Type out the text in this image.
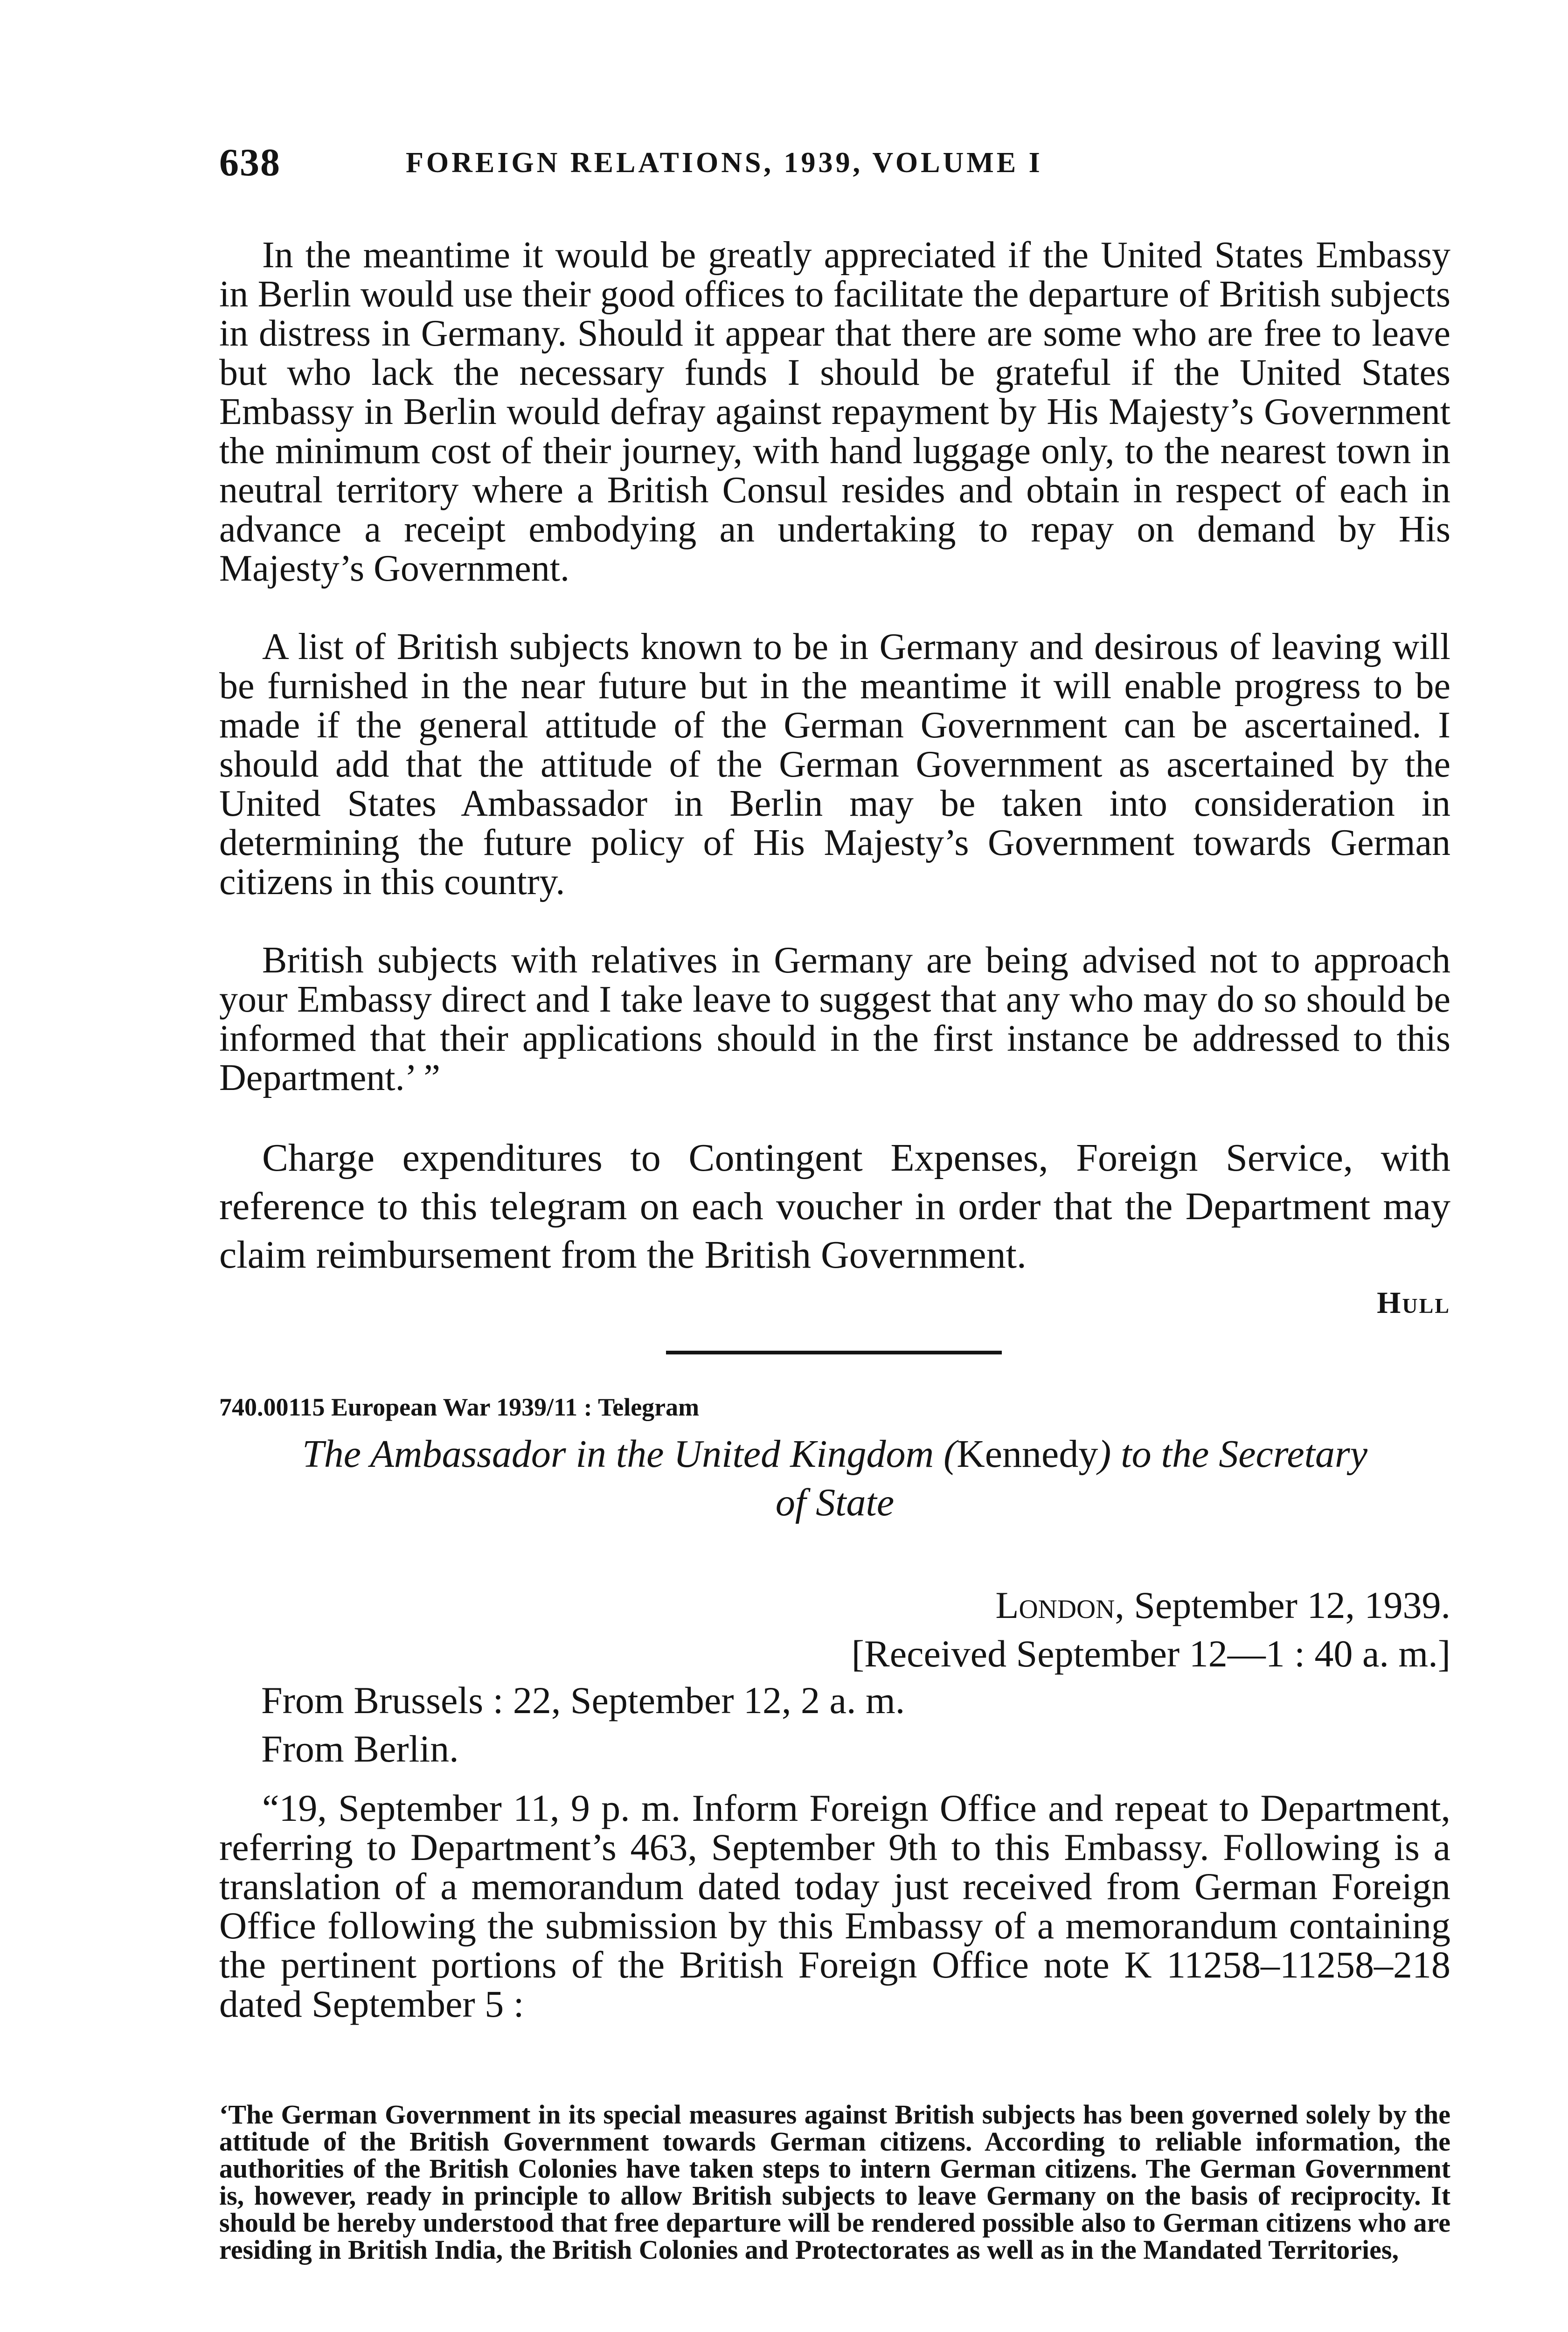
638	FOREIGN RELATIONS, 1939, VOLUME I

In the meantime it would be greatly appreciated if the United States Embassy in Berlin would use their good offices to facilitate the departure of British subjects in distress in Germany. Should it appear that there are some who are free to leave but who lack the necessary funds I should be grateful if the United States Embassy in Berlin would defray against repayment by His Majesty’s Government the minimum cost of their journey, with hand luggage only, to the nearest town in neutral territory where a British Consul resides and obtain in respect of each in advance a receipt embodying an undertaking to repay on demand by His Majesty’s Government.

A list of British subjects known to be in Germany and desirous of leaving will be furnished in the near future but in the meantime it will enable progress to be made if the general attitude of the German Government can be ascertained. I should add that the attitude of the German Government as ascertained by the United States Ambassador in Berlin may be taken into consideration in determining the future policy of His Majesty’s Government towards German citizens in this country.

British subjects with relatives in Germany are being advised not to approach your Embassy direct and I take leave to suggest that any who may do so should be informed that their applications should in the first instance be addressed to this Department.’ ”

Charge expenditures to Contingent Expenses, Foreign Service, with reference to this telegram on each voucher in order that the Department may claim reimbursement from the British Government.

Hull
740.00115 European War 1939/11 : Telegram
The Ambassador in the United Kingdom (Kennedy) to the Secretary
of State
London, September 12, 1939.
[Received September 12—1 : 40 a. m.]
From Brussels : 22, September 12, 2 a. m.
From Berlin.

“19, September 11, 9 p. m. Inform Foreign Office and repeat to Department, referring to Department’s 463, September 9th to this Embassy. Following is a translation of a memorandum dated today just received from German Foreign Office following the submission by this Embassy of a memorandum containing the pertinent portions of the British Foreign Office note K 11258–11258–218 dated September 5 :

‘The German Government in its special measures against British subjects has been governed solely by the attitude of the British Government towards German citizens. According to reliable information, the authorities of the British Colonies have taken steps to intern German citizens. The German Government is, however, ready in principle to allow British subjects to leave Germany on the basis of reciprocity. It should be hereby understood that free departure will be rendered possible also to German citizens who are residing in British India, the British Colonies and Protectorates as well as in the Mandated Territories,
